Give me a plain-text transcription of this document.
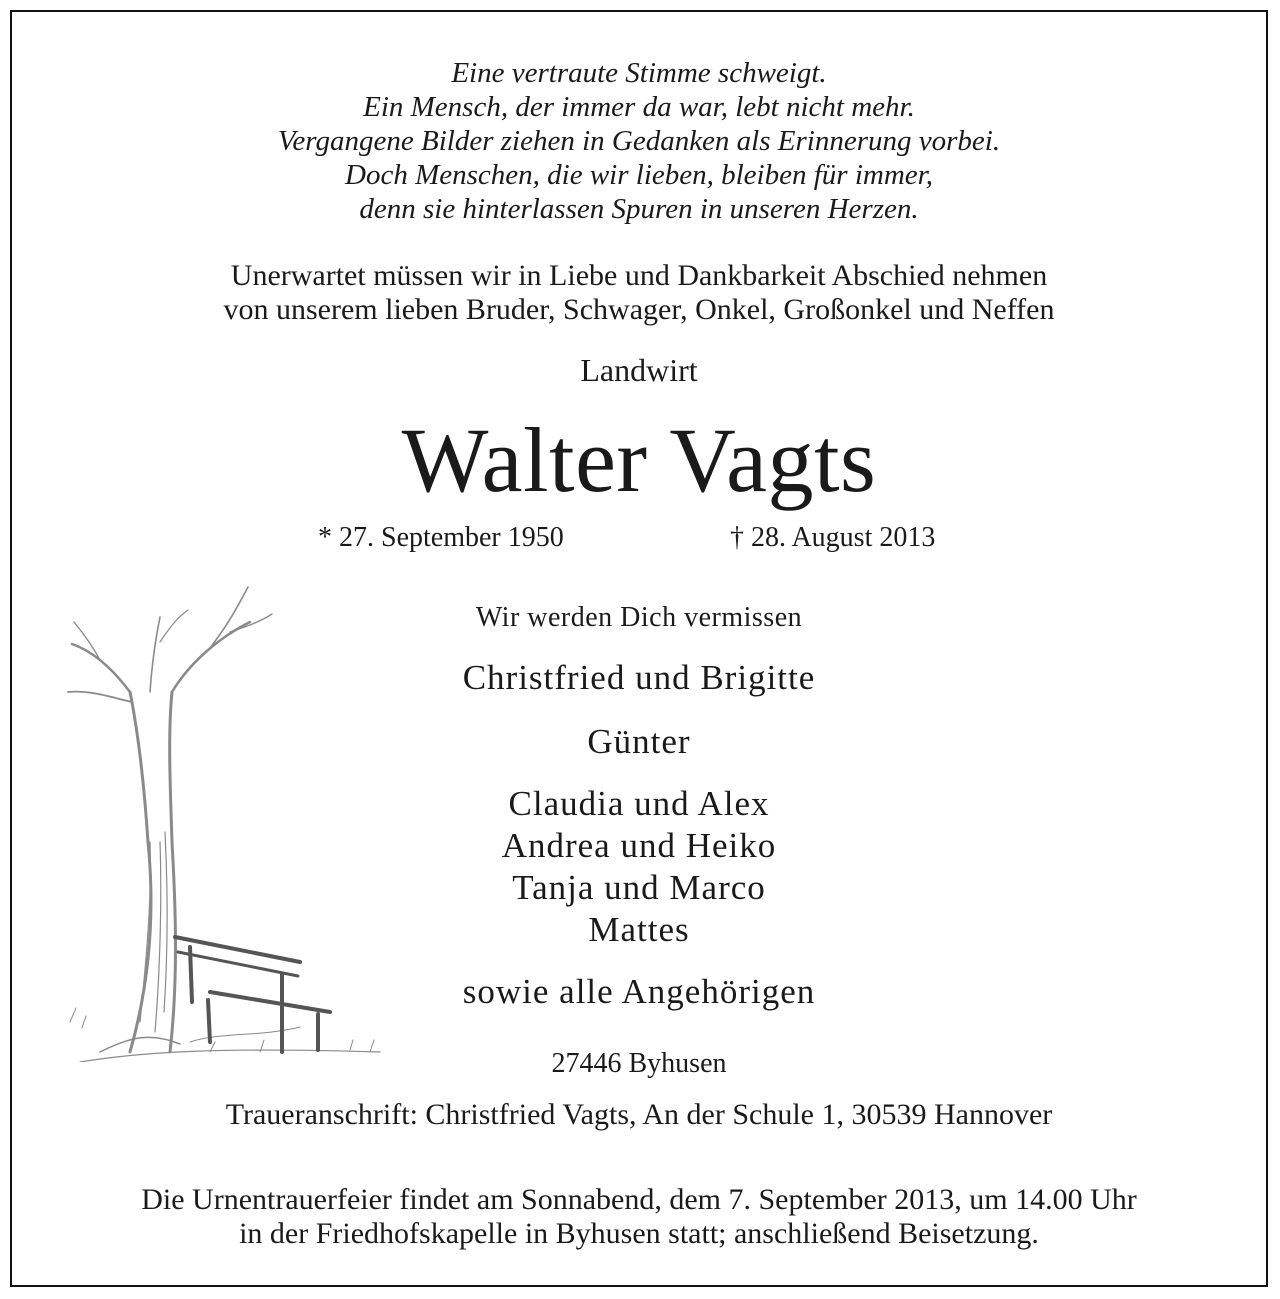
Eine vertraute Stimme schweigt.
Ein Mensch, der immer da war, lebt nicht mehr.
Vergangene Bilder ziehen in Gedanken als Erinnerung vorbei.
Doch Menschen, die wir lieben, bleiben für immer,
denn sie hinterlassen Spuren in unseren Herzen.
Unerwartet müssen wir in Liebe und Dankbarkeit Abschied nehmen
von unserem lieben Bruder, Schwager, Onkel, Großonkel und Neffen
Landwirt
Walter Vagts
* 27. September 1950	† 28. August 2013
Wir werden Dich vermissen
Christfried und Brigitte
Günter
Claudia und Alex
Andrea und Heiko
Tanja und Marco
Mattes
sowie alle Angehörigen
27446 Byhusen
Traueranschrift: Christfried Vagts, An der Schule 1, 30539 Hannover
Die Urnentrauerfeier findet am Sonnabend, dem 7. September 2013, um 14.00 Uhr
in der Friedhofskapelle in Byhusen statt; anschließend Beisetzung.
